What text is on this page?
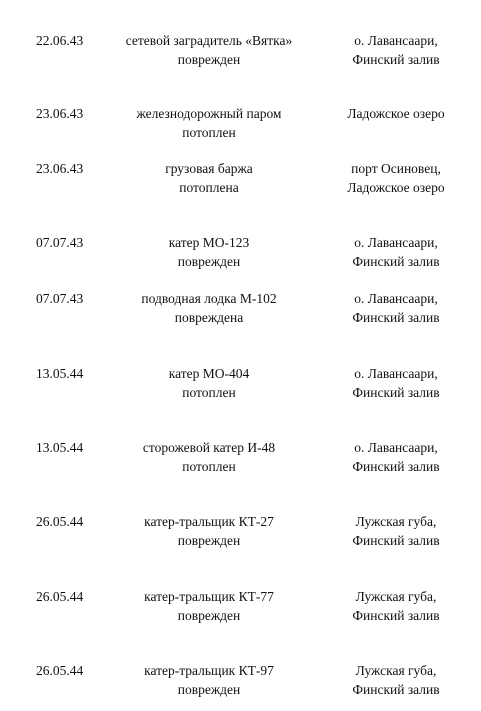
22.06.43	сетевой заградитель «Вятка»
поврежден
о. Лавансаари,
Финский залив
23.06.43	железнодорожный паром
потоплен
Ладожское озеро
23.06.43	грузовая баржа
потоплена
порт Осиновец,
Ладожское озеро
07.07.43	катер МО-123
поврежден
о. Лавансаари,
Финский залив
07.07.43	подводная лодка М-102
повреждена
о. Лавансаари,
Финский залив
13.05.44	катер МО-404
потоплен
о. Лавансаари,
Финский залив
13.05.44	сторожевой катер И-48
потоплен
о. Лавансаари,
Финский залив
26.05.44	катер-тральщик КТ-27
поврежден
Лужская губа,
Финский залив
26.05.44	катер-тральщик КТ-77
поврежден
Лужская губа,
Финский залив
26.05.44	катер-тральщик КТ-97
поврежден
Лужская губа,
Финский залив
